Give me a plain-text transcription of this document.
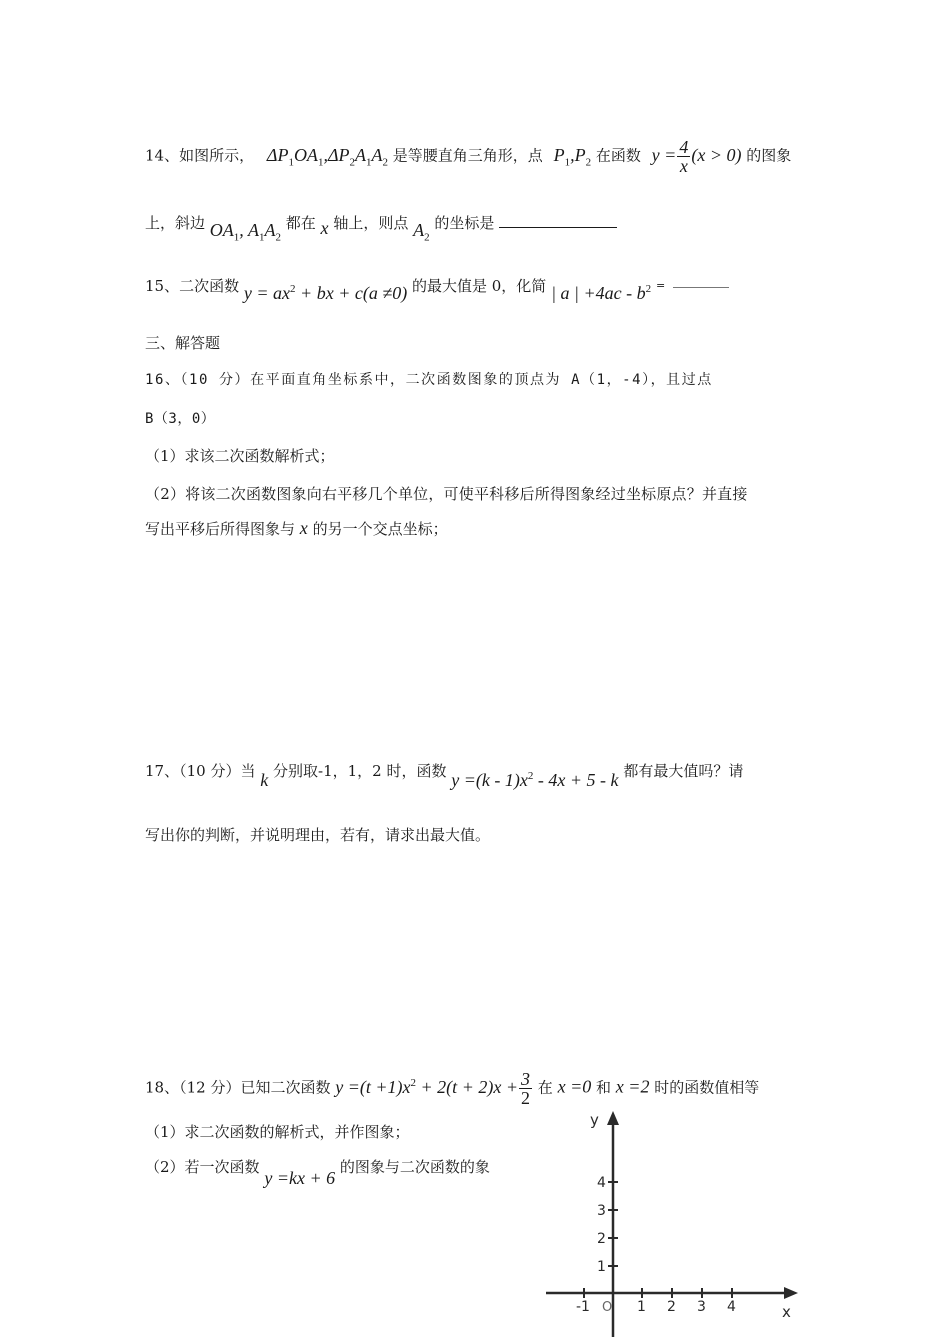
14、如图所示， $\Delta P_1OA_1,\Delta P_2A_1A_2$ 是等腰直角三角形，点 $P_1,P_2$ 在函数 $y = \frac{4}{x} (x > 0)$ 的图象
上，斜边 $OA_1$, $A_1A_2$ 都在 x 轴上，则点 $A_2$ 的坐标是
15、二次函数 $y = ax^2$ + bx + c(a ≠0) 的最大值是 0，化简 | a | $+4ac - b^2$ =
三、解答题
16、（10 分）在平面直角坐标系中，二次函数图象的顶点为 A（1，-4），且过点
B（3，0）
（1）求该二次函数解析式；
（2）将该二次函数图象向右平移几个单位，可使平科移后所得图象经过坐标原点？并直接
写出平移后所得图象与 x 的另一个交点坐标；
17、（10 分）当 k 分别取-1，1，2 时，函数 $y =(k - 1)x^2 - 4x + 5 - k$ 都有最大值吗？请
写出你的判断，并说明理由，若有，请求出最大值。
18、（12 分）已知二次函数 $y =(t +1)x^2 + 2(t + 2)x + \frac{3}{2}$ 在 x =0 和 x =2 时的函数值相等
（1）求二次函数的解析式，并作图象；
（2）若一次函数 y =kx + 6 的图象与二次函数的象
y
x
O
-1	1 2 3 4
1
2
3
4
